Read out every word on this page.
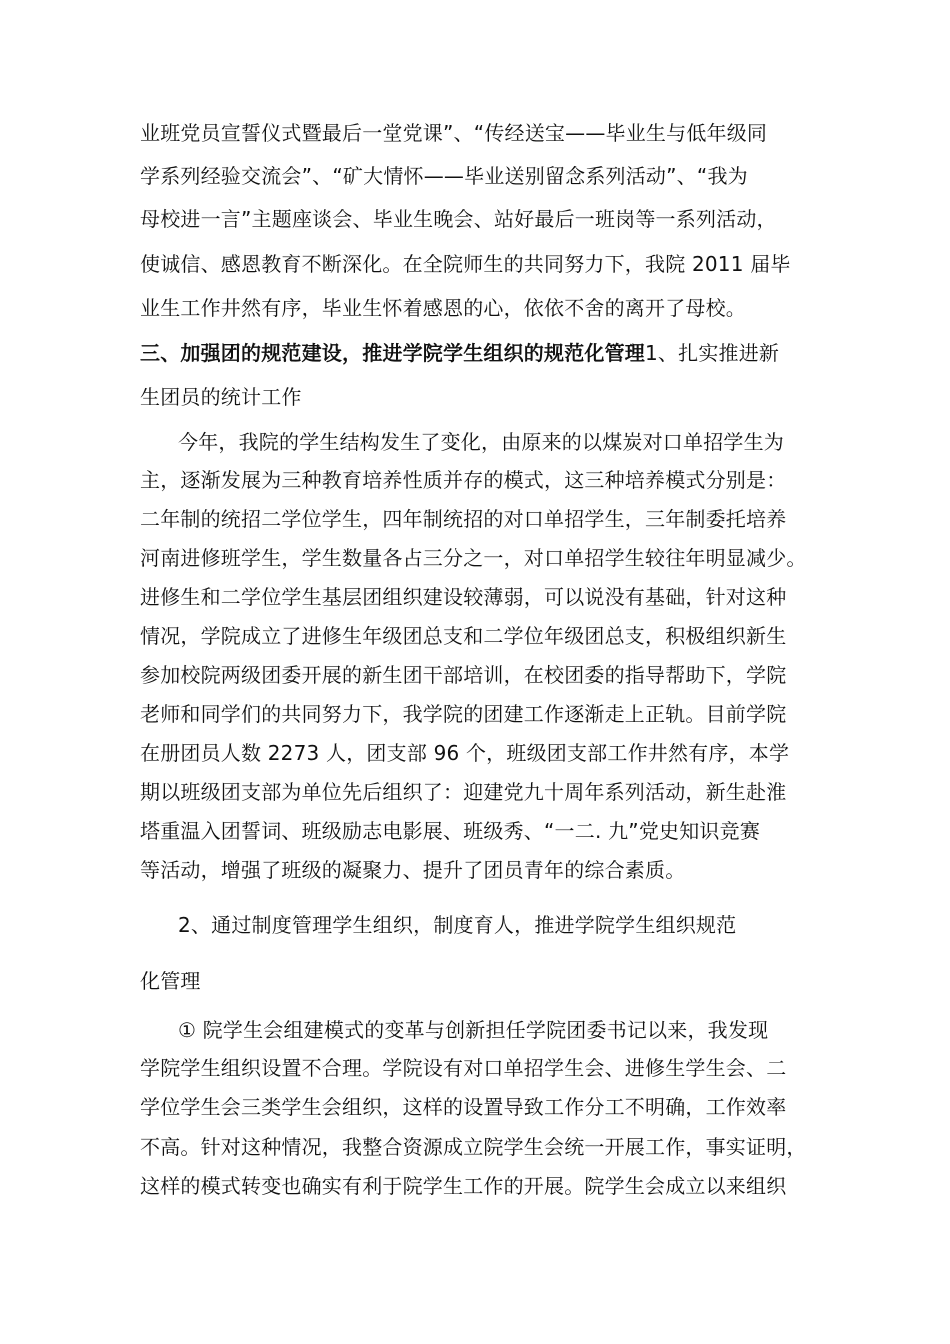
业班党员宣誓仪式暨最后一堂党课”、“传经送宝——毕业生与低年级同
学系列经验交流会”、“矿大情怀——毕业送别留念系列活动”、“我为
母校进一言”主题座谈会、毕业生晚会、站好最后一班岗等一系列活动，
使诚信、感恩教育不断深化。在全院师生的共同努力下，我院 2011 届毕
业生工作井然有序，毕业生怀着感恩的心，依依不舍的离开了母校。
三、加强团的规范建设，推进学院学生组织的规范化管理1、扎实推进新
生团员的统计工作
今年，我院的学生结构发生了变化，由原来的以煤炭对口单招学生为
主，逐渐发展为三种教育培养性质并存的模式，这三种培养模式分别是：
二年制的统招二学位学生，四年制统招的对口单招学生，三年制委托培养
河南进修班学生，学生数量各占三分之一，对口单招学生较往年明显减少。
进修生和二学位学生基层团组织建设较薄弱，可以说没有基础，针对这种
情况，学院成立了进修生年级团总支和二学位年级团总支，积极组织新生
参加校院两级团委开展的新生团干部培训，在校团委的指导帮助下，学院
老师和同学们的共同努力下，我学院的团建工作逐渐走上正轨。目前学院
在册团员人数 2273 人，团支部 96 个，班级团支部工作井然有序，本学
期以班级团支部为单位先后组织了：迎建党九十周年系列活动，新生赴淮
塔重温入团誓词、班级励志电影展、班级秀、“一二. 九”党史知识竞赛
等活动，增强了班级的凝聚力、提升了团员青年的综合素质。
2、通过制度管理学生组织，制度育人，推进学院学生组织规范
化管理
① 院学生会组建模式的变革与创新担任学院团委书记以来，我发现
学院学生组织设置不合理。学院设有对口单招学生会、进修生学生会、二
学位学生会三类学生会组织，这样的设置导致工作分工不明确，工作效率
不高。针对这种情况，我整合资源成立院学生会统一开展工作，事实证明，
这样的模式转变也确实有利于院学生工作的开展。院学生会成立以来组织
